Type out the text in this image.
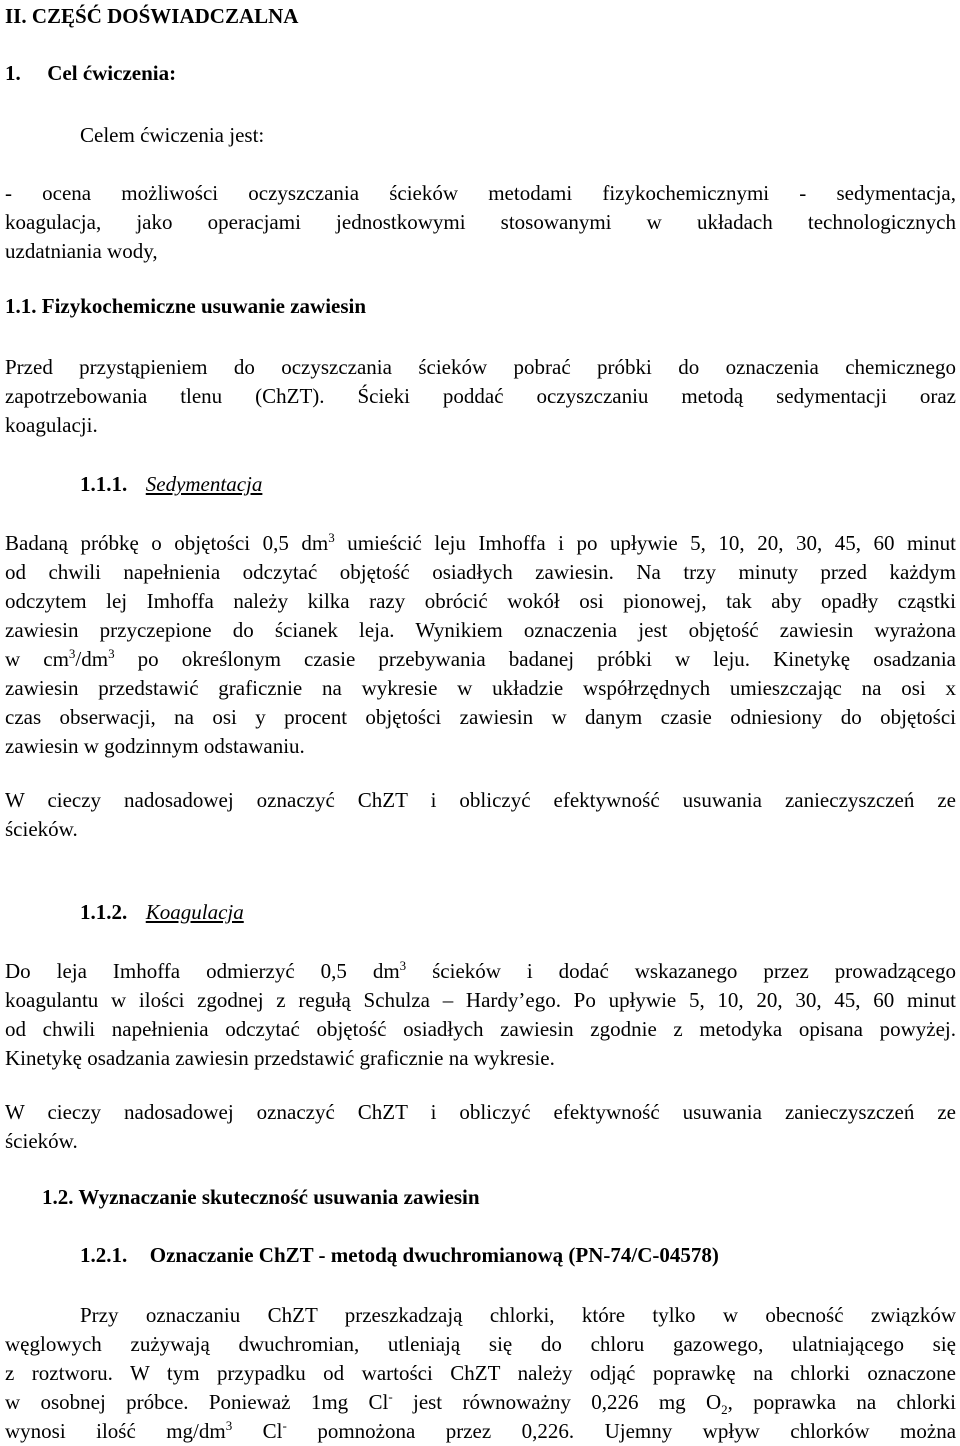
II. CZĘŚĆ DOŚWIADCZALNA
1. Cel ćwiczenia:
Celem ćwiczenia jest:
- ocena możliwości oczyszczania ścieków metodami fizykochemicznymi - sedymentacja,
koagulacja, jako operacjami jednostkowymi stosowanymi w układach technologicznych
uzdatniania wody,
1.1. Fizykochemiczne usuwanie zawiesin
Przed przystąpieniem do oczyszczania ścieków pobrać próbki do oznaczenia chemicznego
zapotrzebowania tlenu (ChZT). Ścieki poddać oczyszczaniu metodą sedymentacji oraz
koagulacji.
1.1.1. Sedymentacja
Badaną próbkę o objętości 0,5 $dm^3$ umieścić leju Imhoffa i po upływie 5, 10, 20, 30, 45, 60 minut
od chwili napełnienia odczytać objętość osiadłych zawiesin. Na trzy minuty przed każdym
odczytem lej Imhoffa należy kilka razy obrócić wokół osi pionowej, tak aby opadły cząstki
zawiesin przyczepione do ścianek leja. Wynikiem oznaczenia jest objętość zawiesin wyrażona
w $cm^3/dm^3$ po określonym czasie przebywania badanej próbki w leju. Kinetykę osadzania
zawiesin przedstawić graficznie na wykresie w układzie współrzędnych umieszczając na osi x
czas obserwacji, na osi y procent objętości zawiesin w danym czasie odniesiony do objętości
zawiesin w godzinnym odstawaniu.
W cieczy nadosadowej oznaczyć ChZT i obliczyć efektywność usuwania zanieczyszczeń ze
ścieków.
1.1.2. Koagulacja
Do leja Imhoffa odmierzyć 0,5 $dm^3$ ścieków i dodać wskazanego przez prowadzącego
koagulantu w ilości zgodnej z regułą Schulza – Hardy’ego. Po upływie 5, 10, 20, 30, 45, 60 minut
od chwili napełnienia odczytać objętość osiadłych zawiesin zgodnie z metodyka opisana powyżej.
Kinetykę osadzania zawiesin przedstawić graficznie na wykresie.
W cieczy nadosadowej oznaczyć ChZT i obliczyć efektywność usuwania zanieczyszczeń ze
ścieków.
1.2. Wyznaczanie skuteczność usuwania zawiesin
1.2.1. Oznaczanie ChZT - metodą dwuchromianową (PN-74/C-04578)
Przy oznaczaniu ChZT przeszkadzają chlorki, które tylko w obecność związków
węglowych zużywają dwuchromian, utleniają się do chloru gazowego, ulatniającego się
z roztworu. W tym przypadku od wartości ChZT należy odjąć poprawkę na chlorki oznaczone
w osobnej próbce. Ponieważ 1mg Cl- jest równoważny 0,226 mg $O_2$, poprawka na chlorki
wynosi ilość $mg/dm^3$ Cl- pomnożona przez 0,226. Ujemny wpływ chlorków można
